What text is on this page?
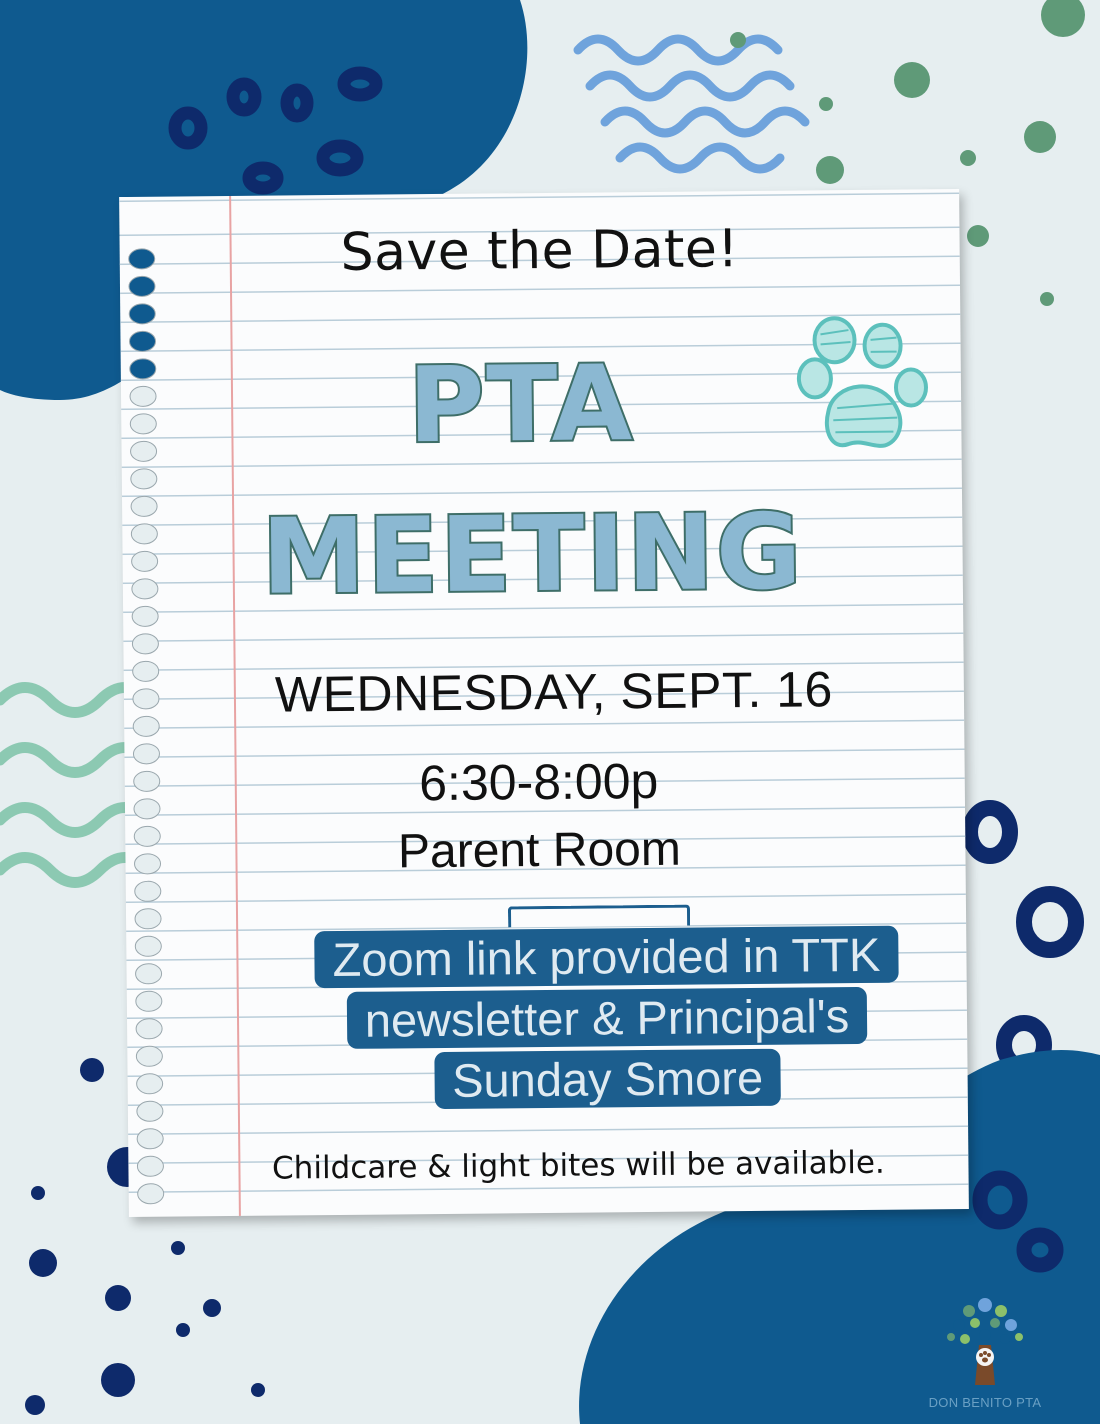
Save the Date!
PTA
MEETING
WEDNESDAY, SEPT. 16
6:30-8:00p
Parent Room
Zoom link provided in TTK
newsletter & Principal's
Sunday Smore
Childcare & light bites will be available.
DON BENITO PTA
